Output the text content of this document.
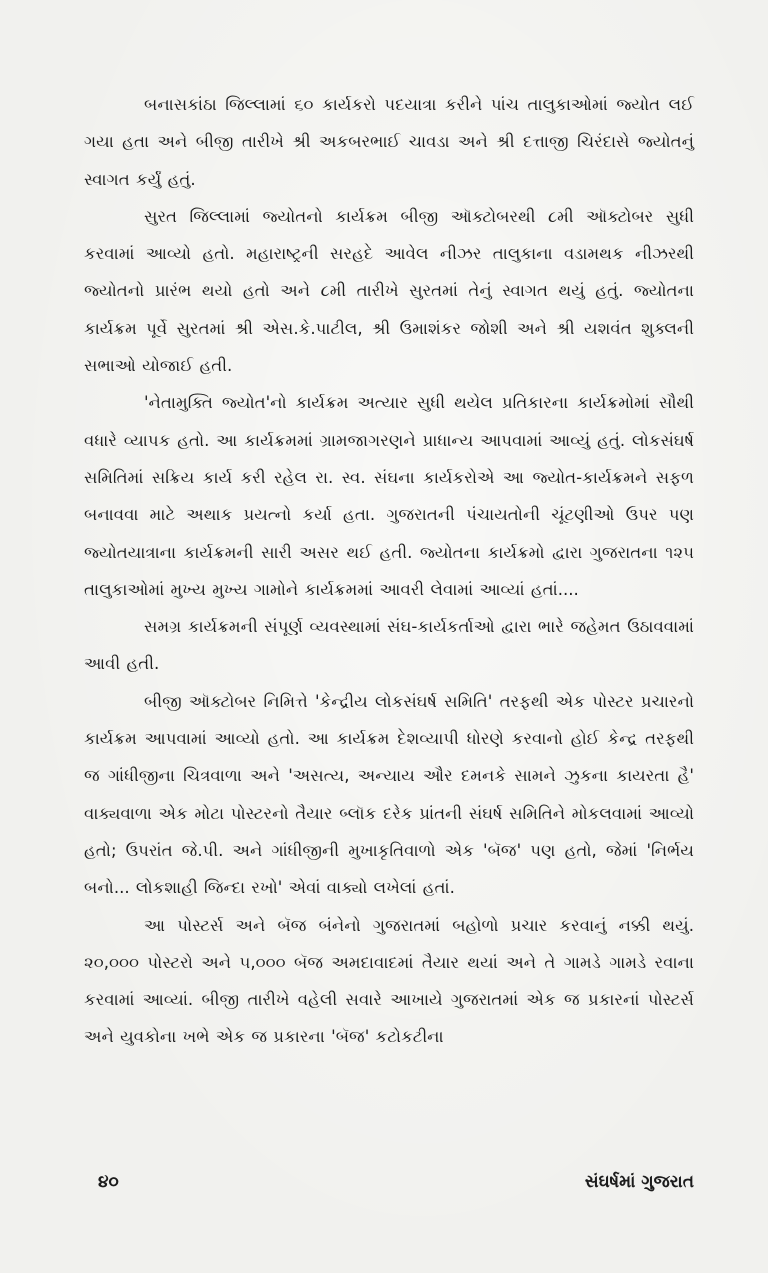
બનાસકાંઠા જિલ્લામાં ૬૦ કાર્યકરો પદયાત્રા કરીને પાંચ તાલુકાઓમાં જ્યોત લઈ ગયા હતા અને બીજી તારીખે શ્રી અકબરભાઈ ચાવડા અને શ્રી દત્તાજી ચિરંદાસે જ્યોતનું સ્વાગત કર્યું હતું.

સુરત જિલ્લામાં જ્યોતનો કાર્યક્રમ બીજી ઑક્ટોબરથી ૮મી ઑક્ટોબર સુધી કરવામાં આવ્યો હતો. મહારાષ્ટ્રની સરહદે આવેલ નીઝર તાલુકાના વડામથક નીઝરથી જ્યોતનો પ્રારંભ થયો હતો અને ૮મી તારીખે સુરતમાં તેનું સ્વાગત થયું હતું. જ્યોતના કાર્યક્રમ પૂર્વે સુરતમાં શ્રી એસ.કે.પાટીલ, શ્રી ઉમાશંકર જોશી અને શ્રી યશવંત શુક્લની સભાઓ યોજાઈ હતી.

'નેતામુક્તિ જ્યોત'નો કાર્યક્રમ અત્યાર સુધી થયેલ પ્રતિકારના કાર્યક્રમોમાં સૌથી વધારે વ્યાપક હતો. આ કાર્યક્રમમાં ગ્રામજાગરણને પ્રાધાન્ય આપવામાં આવ્યું હતું. લોકસંઘર્ષ સમિતિમાં સક્રિય કાર્ય કરી રહેલ રા. સ્વ. સંઘના કાર્યકરોએ આ જ્યોત-કાર્યક્રમને સફળ બનાવવા માટે અથાક પ્રયત્નો કર્યા હતા. ગુજરાતની પંચાયતોની ચૂંટણીઓ ઉપર પણ જ્યોતયાત્રાના કાર્યક્રમની સારી અસર થઈ હતી. જ્યોતના કાર્યક્રમો દ્વારા ગુજરાતના ૧૨૫ તાલુકાઓમાં મુખ્ય મુખ્ય ગામોને કાર્યક્રમમાં આવરી લેવામાં આવ્યાં હતાં....

સમગ્ર કાર્યક્રમની સંપૂર્ણ વ્યવસ્થામાં સંઘ-કાર્યકર્તાઓ દ્વારા ભારે જહેમત ઉઠાવવામાં આવી હતી.

બીજી ઑક્ટોબર નિમિત્તે 'કેન્દ્રીય લોકસંઘર્ષ સમિતિ' તરફથી એક પોસ્ટર પ્રચારનો કાર્યક્રમ આપવામાં આવ્યો હતો. આ કાર્યક્રમ દેશવ્યાપી ધોરણે કરવાનો હોઈ કેન્દ્ર તરફથી જ ગાંધીજીના ચિત્રવાળા અને 'અસત્ય, અન્યાય ઔર દમનકે સામને ઝુકના કાયરતા હૈ' વાક્યવાળા એક મોટા પોસ્ટરનો તૈયાર બ્લૉક દરેક પ્રાંતની સંઘર્ષ સમિતિને મોકલવામાં આવ્યો હતો; ઉપરાંત જે.પી. અને ગાંધીજીની મુખાકૃતિવાળો એક 'બૅજ' પણ હતો, જેમાં 'નિર્ભય બનો... લોકશાહી જિન્દા રખો' એવાં વાક્યો લખેલાં હતાં.

આ પોસ્ટર્સ અને બૅજ બંનેનો ગુજરાતમાં બહોળો પ્રચાર કરવાનું નક્કી થયું. ૨૦,૦૦૦ પોસ્ટરો અને ૫,૦૦૦ બૅજ અમદાવાદમાં તૈયાર થયાં અને તે ગામડે ગામડે રવાના કરવામાં આવ્યાં. બીજી તારીખે વહેલી સવારે આખાયે ગુજરાતમાં એક જ પ્રકારનાં પોસ્ટર્સ અને યુવકોના ખભે એક જ પ્રકારના 'બૅજ' કટોકટીના

૪૦	સંઘર્ષમાં ગુજરાત
